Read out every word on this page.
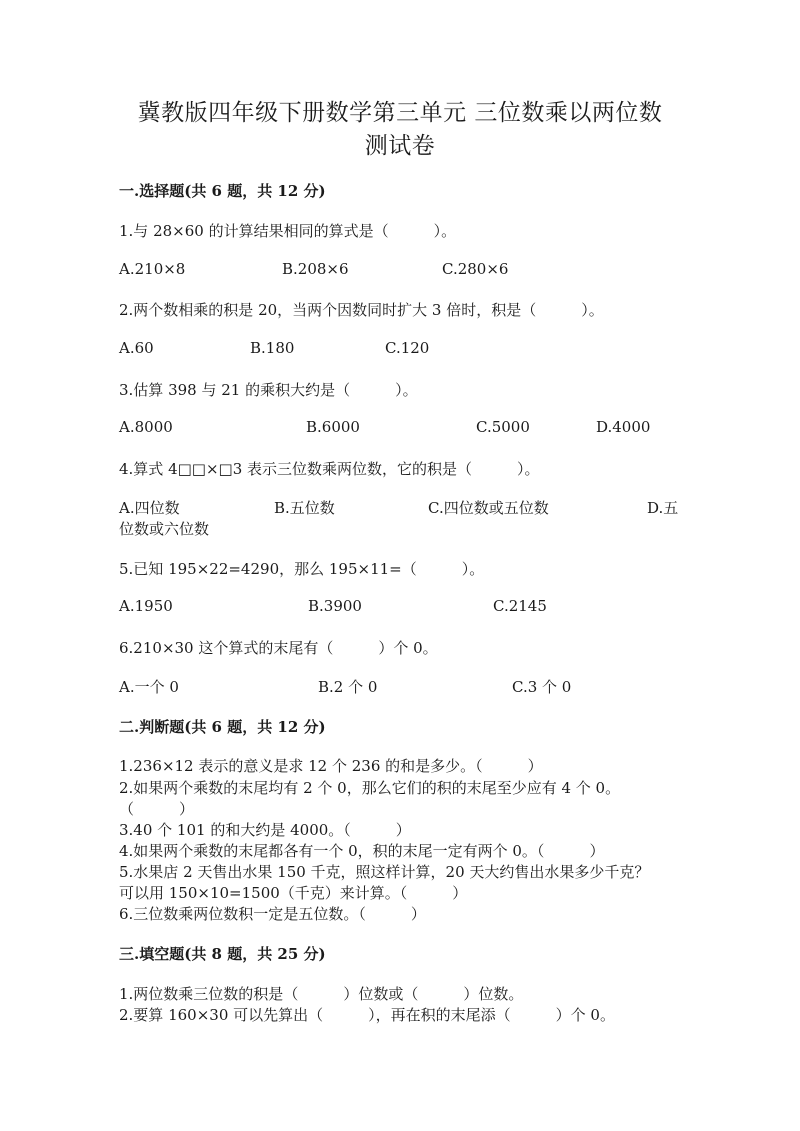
冀教版四年级下册数学第三单元 三位数乘以两位数
测试卷
一.选择题(共 6 题，共 12 分)
1.与 28×60 的计算结果相同的算式是（　　　）。
A.210×8	B.208×6	C.280×6
2.两个数相乘的积是 20，当两个因数同时扩大 3 倍时，积是（　　　）。
A.60	B.180	C.120
3.估算 398 与 21 的乘积大约是（　　　）。
A.8000	B.6000	C.5000	D.4000
4.算式 4□□×□3 表示三位数乘两位数，它的积是（　　　）。
A.四位数	B.五位数	C.四位数或五位数	D.五
位数或六位数
5.已知 195×22=4290，那么 195×11=（　　　）。
A.1950	B.3900	C.2145
6.210×30 这个算式的末尾有（　　　）个 0。
A.一个 0	B.2 个 0	C.3 个 0
二.判断题(共 6 题，共 12 分)
1.236×12 表示的意义是求 12 个 236 的和是多少。（　　　）
2.如果两个乘数的末尾均有 2 个 0，那么它们的积的末尾至少应有 4 个 0。
（　　　）
3.40 个 101 的和大约是 4000。（　　　）
4.如果两个乘数的末尾都各有一个 0，积的末尾一定有两个 0。（　　　）
5.水果店 2 天售出水果 150 千克，照这样计算，20 天大约售出水果多少千克？
可以用 150×10=1500（千克）来计算。（　　　）
6.三位数乘两位数积一定是五位数。（　　　）
三.填空题(共 8 题，共 25 分)
1.两位数乘三位数的积是（　　　）位数或（　　　）位数。
2.要算 160×30 可以先算出（　　　），再在积的末尾添（　　　）个 0。
